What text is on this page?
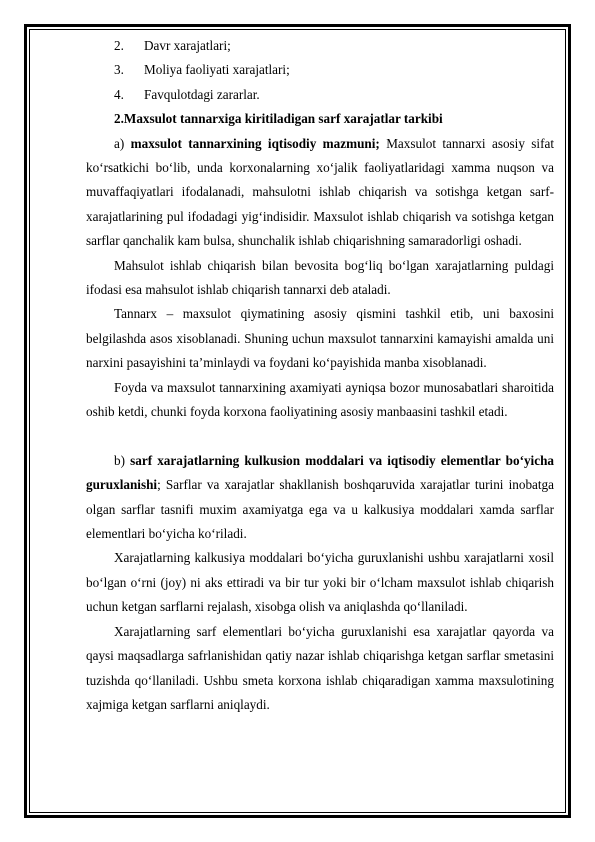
2. Davr xarajatlari;
3. Moliya faoliyati xarajatlari;
4. Favqulotdagi zararlar.
2.Maxsulot tannarxiga kiritiladigan sarf xarajatlar tarkibi

a) maxsulot tannarxining iqtisodiy mazmuni; Maxsulot tannarxi asosiy sifat ko‘rsatkichi bo‘lib, unda korxonalarning xo‘jalik faoliyatlaridagi xamma nuqson va muvaffaqiyatlari ifodalanadi, mahsulotni ishlab chiqarish va sotishga ketgan sarf-xarajatlarining pul ifodadagi yig‘indisidir. Maxsulot ishlab chiqarish va sotishga ketgan sarflar qanchalik kam bulsa, shunchalik ishlab chiqarishning samaradorligi oshadi.

Mahsulot ishlab chiqarish bilan bevosita bog‘liq bo‘lgan xarajatlarning puldagi ifodasi esa mahsulot ishlab chiqarish tannarxi deb ataladi.

Tannarx – maxsulot qiymatining asosiy qismini tashkil etib, uni baxosini belgilashda asos xisoblanadi. Shuning uchun maxsulot tannarxini kamayishi amalda uni narxini pasayishini ta’minlaydi va foydani ko‘payishida manba xisoblanadi.

Foyda va maxsulot tannarxining axamiyati ayniqsa bozor munosabatlari sharoitida oshib ketdi, chunki foyda korxona faoliyatining asosiy manbaasini tashkil etadi.

b) sarf xarajatlarning kulkusion moddalari va iqtisodiy elementlar bo‘yicha guruxlanishi; Sarflar va xarajatlar shakllanish boshqaruvida xarajatlar turini inobatga olgan sarflar tasnifi muxim axamiyatga ega va u kalkusiya moddalari xamda sarflar elementlari bo‘yicha ko‘riladi.

Xarajatlarning kalkusiya moddalari bo‘yicha guruxlanishi ushbu xarajatlarni xosil bo‘lgan o‘rni (joy) ni aks ettiradi va bir tur yoki bir o‘lcham maxsulot ishlab chiqarish uchun ketgan sarflarni rejalash, xisobga olish va aniqlashda qo‘llaniladi.

Xarajatlarning sarf elementlari bo‘yicha guruxlanishi esa xarajatlar qayorda va qaysi maqsadlarga safrlanishidan qatiy nazar ishlab chiqarishga ketgan sarflar smetasini tuzishda qo‘llaniladi. Ushbu smeta korxona ishlab chiqaradigan xamma maxsulotining xajmiga ketgan sarflarni aniqlaydi.
